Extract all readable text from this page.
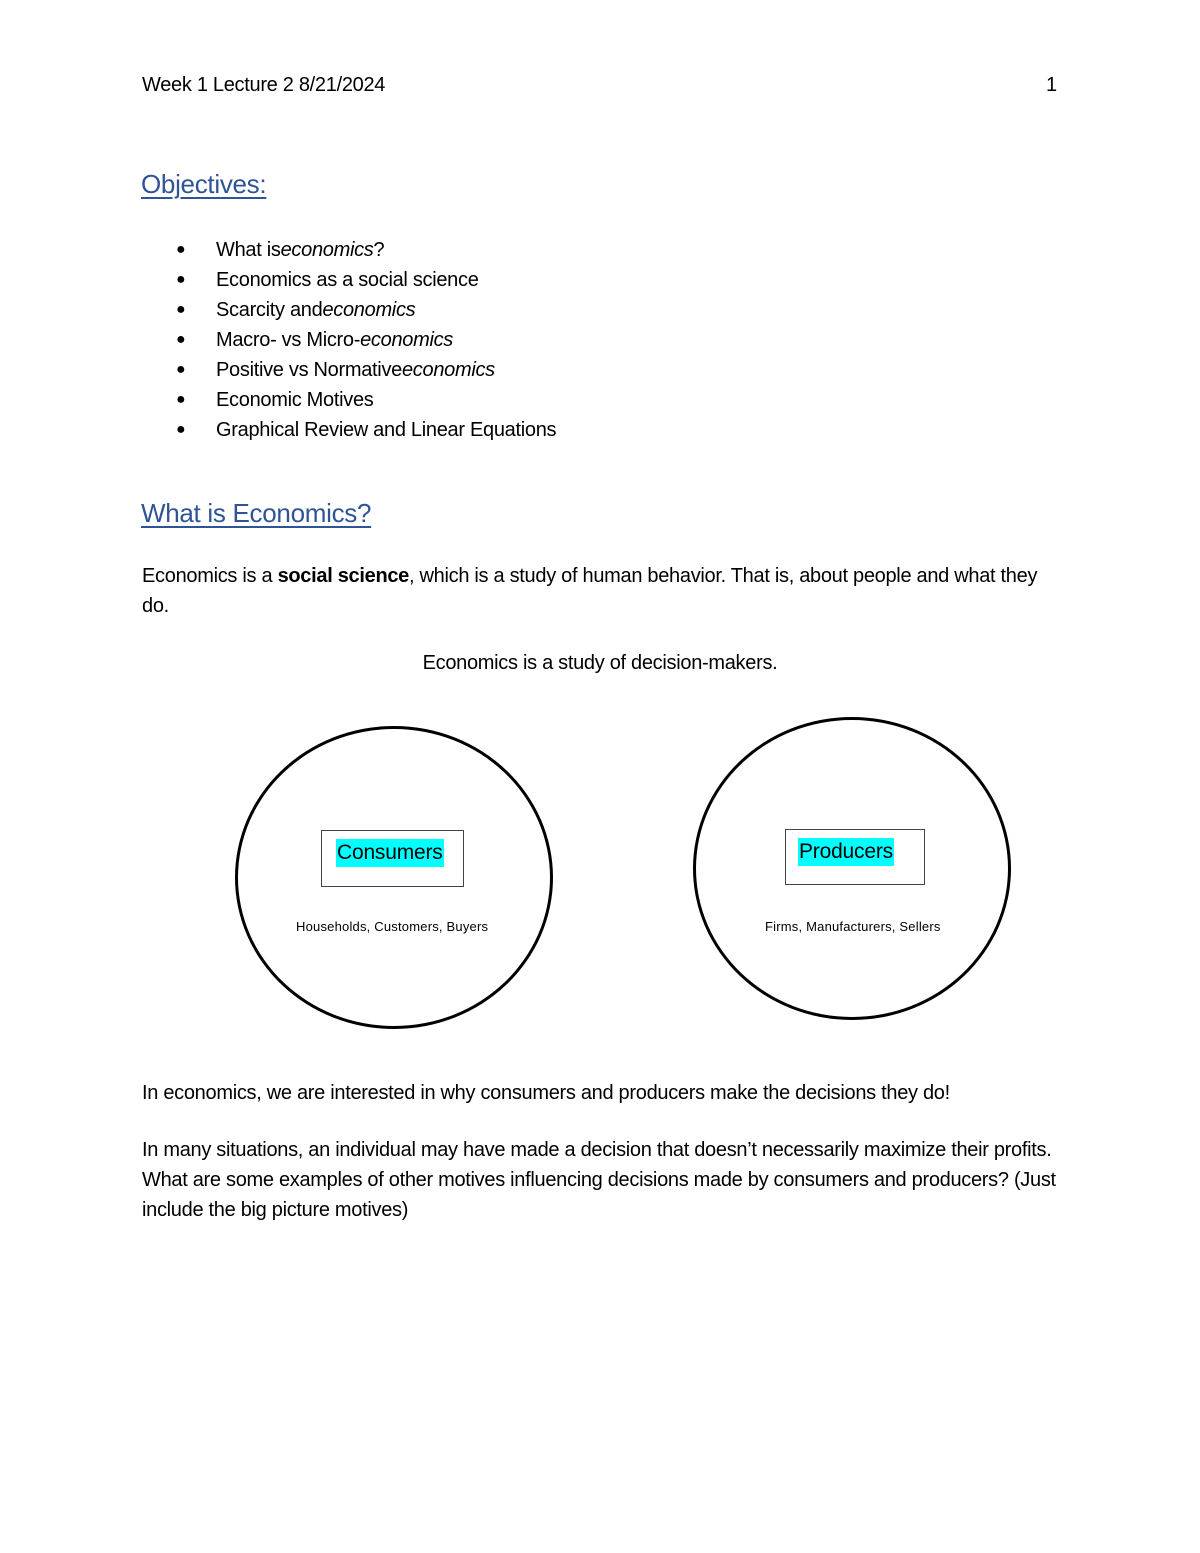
Week 1 Lecture 2 8/21/2024	1
Objectives:
●	What is economics ?
●	Economics as a social science
●	Scarcity and economics
●	Macro- vs Micro- economics
●	Positive vs Normative economics
●	Economic Motives
●	Graphical Review and Linear Equations
What is Economics?

Economics is a social science, which is a study of human behavior. That is, about people and what they do.

Economics is a study of decision-makers.

Consumers
Households, Customers, Buyers
Producers
Firms, Manufacturers, Sellers

In economics, we are interested in why consumers and producers make the decisions they do!

In many situations, an individual may have made a decision that doesn’t necessarily maximize their profits. What are some examples of other motives influencing decisions made by consumers and producers? (Just include the big picture motives)
